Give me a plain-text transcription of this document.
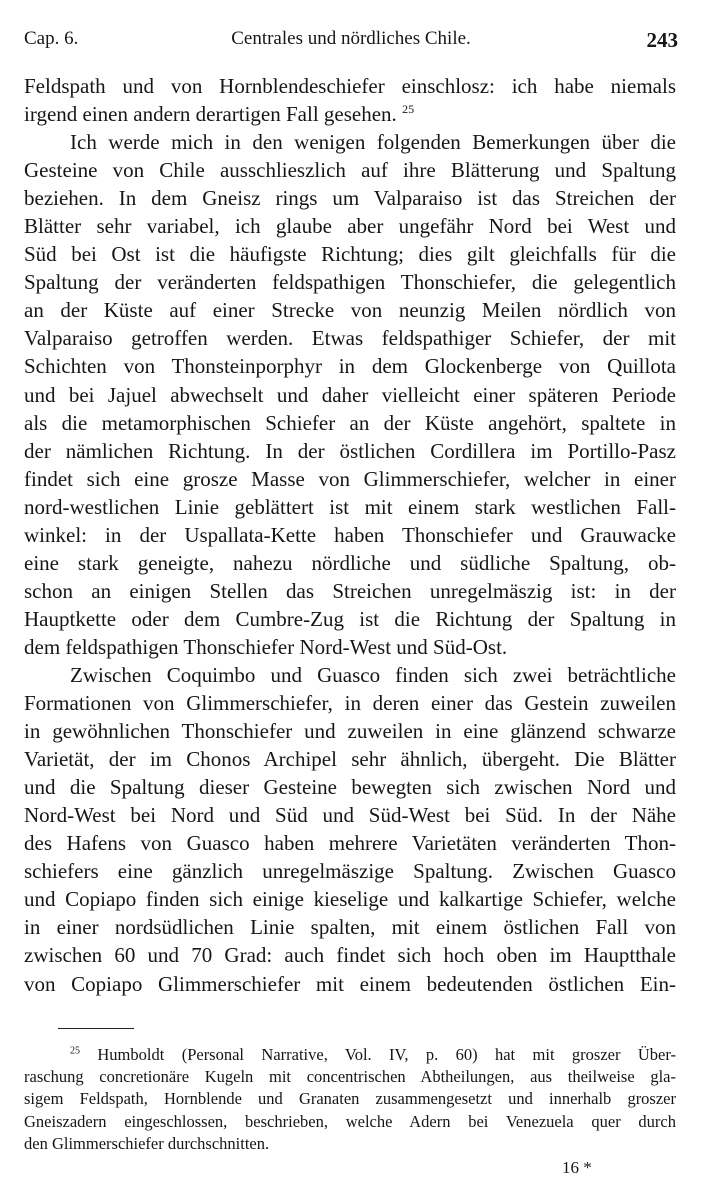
Cap. 6.	Centrales und nördliches Chile.	243
Feldspath und von Hornblendeschiefer einschlosz: ich habe niemals
irgend einen andern derartigen Fall gesehen. $^{25}$
Ich werde mich in den wenigen folgenden Bemerkungen über die
Gesteine von Chile ausschlieszlich auf ihre Blätterung und Spaltung
beziehen. In dem Gneisz rings um Valparaiso ist das Streichen der
Blätter sehr variabel, ich glaube aber ungefähr Nord bei West und
Süd bei Ost ist die häufigste Richtung; dies gilt gleichfalls für die
Spaltung der veränderten feldspathigen Thonschiefer, die gelegentlich
an der Küste auf einer Strecke von neunzig Meilen nördlich von
Valparaiso getroffen werden. Etwas feldspathiger Schiefer, der mit
Schichten von Thonsteinporphyr in dem Glockenberge von Quillota
und bei Jajuel abwechselt und daher vielleicht einer späteren Periode
als die metamorphischen Schiefer an der Küste angehört, spaltete in
der nämlichen Richtung. In der östlichen Cordillera im Portillo-Pasz
findet sich eine grosze Masse von Glimmerschiefer, welcher in einer
nord-westlichen Linie geblättert ist mit einem stark westlichen Fall-
winkel: in der Uspallata-Kette haben Thonschiefer und Grauwacke
eine stark geneigte, nahezu nördliche und südliche Spaltung, ob-
schon an einigen Stellen das Streichen unregelmäszig ist: in der
Hauptkette oder dem Cumbre-Zug ist die Richtung der Spaltung in
dem feldspathigen Thonschiefer Nord-West und Süd-Ost.
Zwischen Coquimbo und Guasco finden sich zwei beträchtliche
Formationen von Glimmerschiefer, in deren einer das Gestein zuweilen
in gewöhnlichen Thonschiefer und zuweilen in eine glänzend schwarze
Varietät, der im Chonos Archipel sehr ähnlich, übergeht. Die Blätter
und die Spaltung dieser Gesteine bewegten sich zwischen Nord und
Nord-West bei Nord und Süd und Süd-West bei Süd. In der Nähe
des Hafens von Guasco haben mehrere Varietäten veränderten Thon-
schiefers eine gänzlich unregelmäszige Spaltung. Zwischen Guasco
und Copiapo finden sich einige kieselige und kalkartige Schiefer, welche
in einer nordsüdlichen Linie spalten, mit einem östlichen Fall von
zwischen 60 und 70 Grad: auch findet sich hoch oben im Hauptthale
von Copiapo Glimmerschiefer mit einem bedeutenden östlichen Ein-
$^{25}$ Humboldt (Personal Narrative, Vol. IV, p. 60) hat mit groszer Über-
raschung concretionäre Kugeln mit concentrischen Abtheilungen, aus theilweise gla-
sigem Feldspath, Hornblende und Granaten zusammengesetzt und innerhalb groszer
Gneiszadern eingeschlossen, beschrieben, welche Adern bei Venezuela quer durch
den Glimmerschiefer durchschnitten.
16 *
